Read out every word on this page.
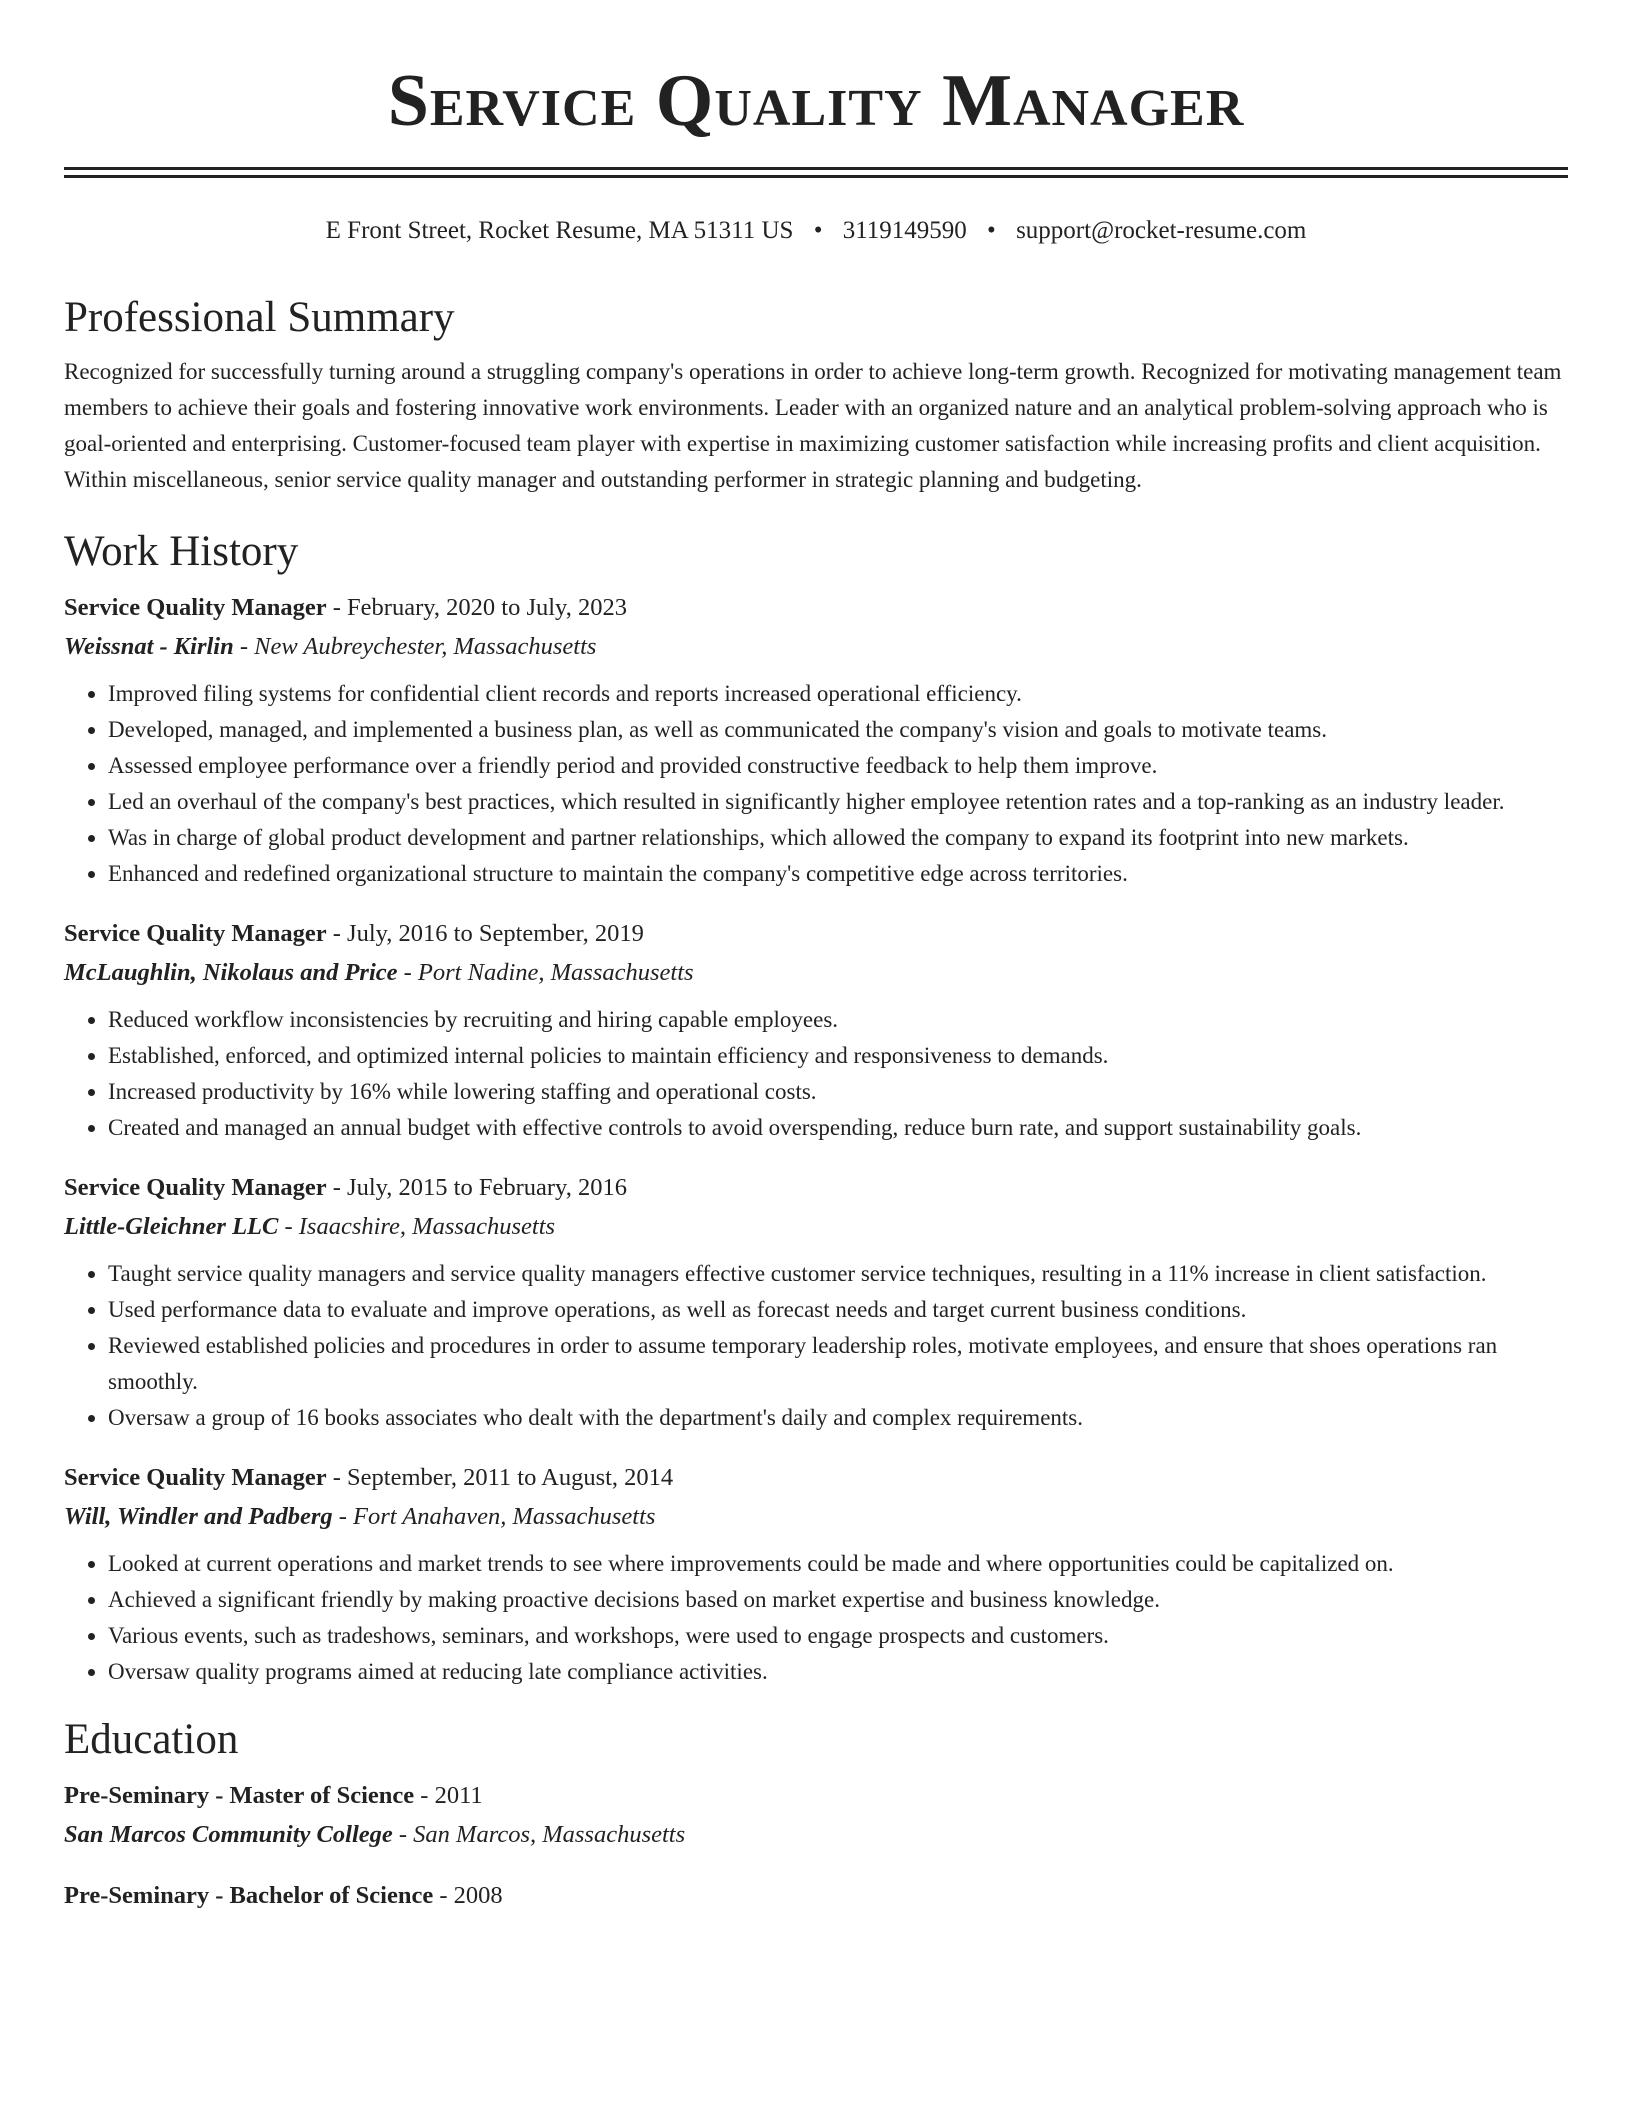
Service Quality Manager
E Front Street, Rocket Resume, MA 51311 US • 3119149590 • support@rocket-resume.com
Professional Summary

Recognized for successfully turning around a struggling company's operations in order to achieve long-term growth. Recognized for motivating management team members to achieve their goals and fostering innovative work environments. Leader with an organized nature and an analytical problem-solving approach who is goal-oriented and enterprising. Customer-focused team player with expertise in maximizing customer satisfaction while increasing profits and client acquisition. Within miscellaneous, senior service quality manager and outstanding performer in strategic planning and budgeting.

Work History
Service Quality Manager - February, 2020 to July, 2023
Weissnat - Kirlin - New Aubreychester, Massachusetts
• Improved filing systems for confidential client records and reports increased operational efficiency.
• Developed, managed, and implemented a business plan, as well as communicated the company's vision and goals to motivate teams.
• Assessed employee performance over a friendly period and provided constructive feedback to help them improve.
• Led an overhaul of the company's best practices, which resulted in significantly higher employee retention rates and a top-ranking as an industry leader.
• Was in charge of global product development and partner relationships, which allowed the company to expand its footprint into new markets.
• Enhanced and redefined organizational structure to maintain the company's competitive edge across territories.
Service Quality Manager - July, 2016 to September, 2019
McLaughlin, Nikolaus and Price - Port Nadine, Massachusetts
• Reduced workflow inconsistencies by recruiting and hiring capable employees.
• Established, enforced, and optimized internal policies to maintain efficiency and responsiveness to demands.
• Increased productivity by 16% while lowering staffing and operational costs.
• Created and managed an annual budget with effective controls to avoid overspending, reduce burn rate, and support sustainability goals.
Service Quality Manager - July, 2015 to February, 2016
Little-Gleichner LLC - Isaacshire, Massachusetts
• Taught service quality managers and service quality managers effective customer service techniques, resulting in a 11% increase in client satisfaction.
• Used performance data to evaluate and improve operations, as well as forecast needs and target current business conditions.
• Reviewed established policies and procedures in order to assume temporary leadership roles, motivate employees, and ensure that shoes operations ran smoothly.
• Oversaw a group of 16 books associates who dealt with the department's daily and complex requirements.
Service Quality Manager - September, 2011 to August, 2014
Will, Windler and Padberg - Fort Anahaven, Massachusetts
• Looked at current operations and market trends to see where improvements could be made and where opportunities could be capitalized on.
• Achieved a significant friendly by making proactive decisions based on market expertise and business knowledge.
• Various events, such as tradeshows, seminars, and workshops, were used to engage prospects and customers.
• Oversaw quality programs aimed at reducing late compliance activities.
Education
Pre-Seminary - Master of Science - 2011
San Marcos Community College - San Marcos, Massachusetts
Pre-Seminary - Bachelor of Science - 2008
